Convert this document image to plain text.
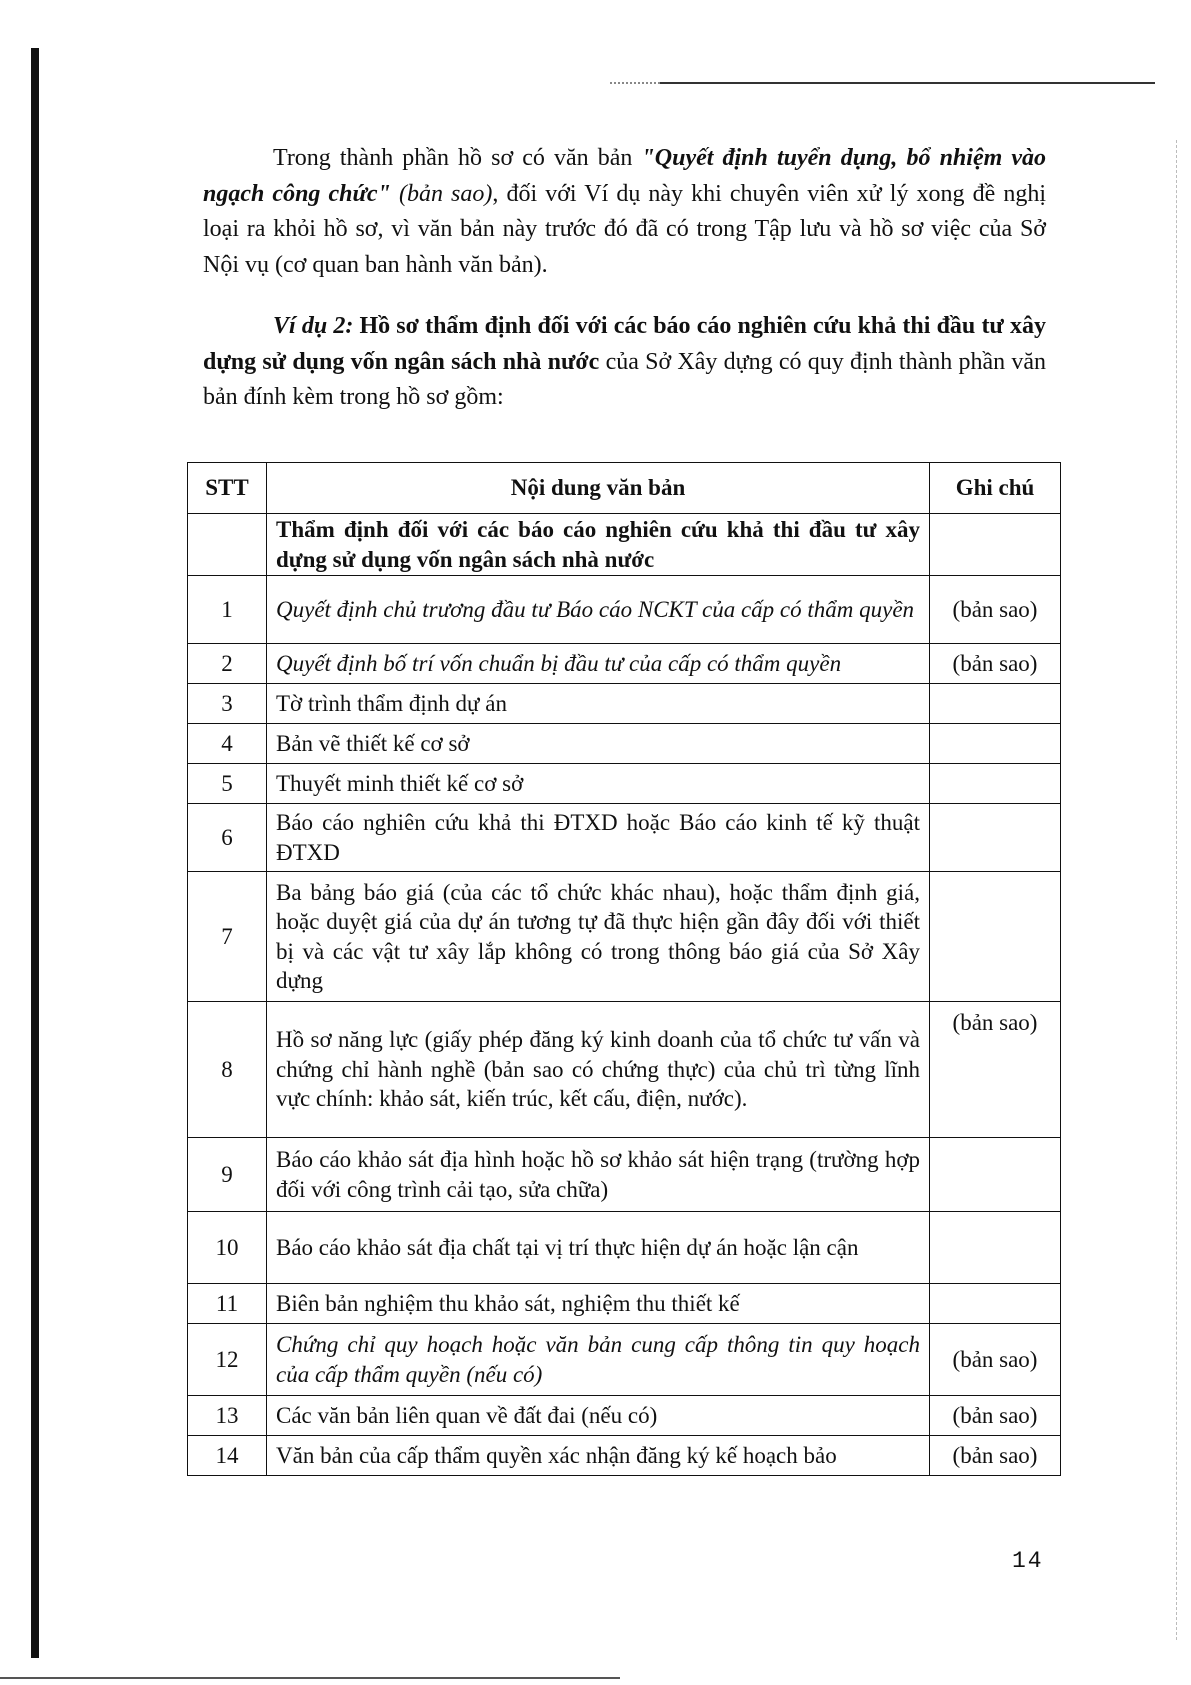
Trong thành phần hồ sơ có văn bản "Quyết định tuyển dụng, bổ nhiệm vào ngạch công chức" (bản sao), đối với Ví dụ này khi chuyên viên xử lý xong đề nghị loại ra khỏi hồ sơ, vì văn bản này trước đó đã có trong Tập lưu và hồ sơ việc của Sở Nội vụ (cơ quan ban hành văn bản).

Ví dụ 2: Hồ sơ thẩm định đối với các báo cáo nghiên cứu khả thi đầu tư xây dựng sử dụng vốn ngân sách nhà nước của Sở Xây dựng có quy định thành phần văn bản đính kèm trong hồ sơ gồm:

STT	Nội dung văn bản	Ghi chú
	Thẩm định đối với các báo cáo nghiên cứu khả thi đầu tư xây dựng sử dụng vốn ngân sách nhà nước	
1	Quyết định chủ trương đầu tư Báo cáo NCKT của cấp có thẩm quyền	(bản sao)
2	Quyết định bố trí vốn chuẩn bị đầu tư của cấp có thẩm quyền	(bản sao)
3	Tờ trình thẩm định dự án	
4	Bản vẽ thiết kế cơ sở	
5	Thuyết minh thiết kế cơ sở	
6	Báo cáo nghiên cứu khả thi ĐTXD hoặc Báo cáo kinh tế kỹ thuật ĐTXD	
7	Ba bảng báo giá (của các tổ chức khác nhau), hoặc thẩm định giá, hoặc duyệt giá của dự án tương tự đã thực hiện gần đây đối với thiết bị và các vật tư xây lắp không có trong thông báo giá của Sở Xây dựng	
8	Hồ sơ năng lực (giấy phép đăng ký kinh doanh của tổ chức tư vấn và chứng chỉ hành nghề (bản sao có chứng thực) của chủ trì từng lĩnh vực chính: khảo sát, kiến trúc, kết cấu, điện, nước).	(bản sao)
9	Báo cáo khảo sát địa hình hoặc hồ sơ khảo sát hiện trạng (trường hợp đối với công trình cải tạo, sửa chữa)	
10	Báo cáo khảo sát địa chất tại vị trí thực hiện dự án hoặc lận cận	
11	Biên bản nghiệm thu khảo sát, nghiệm thu thiết kế	
12	Chứng chỉ quy hoạch hoặc văn bản cung cấp thông tin quy hoạch của cấp thẩm quyền (nếu có)	(bản sao)
13	Các văn bản liên quan về đất đai (nếu có)	(bản sao)
14	Văn bản của cấp thẩm quyền xác nhận đăng ký kế hoạch bảo	(bản sao)
14
